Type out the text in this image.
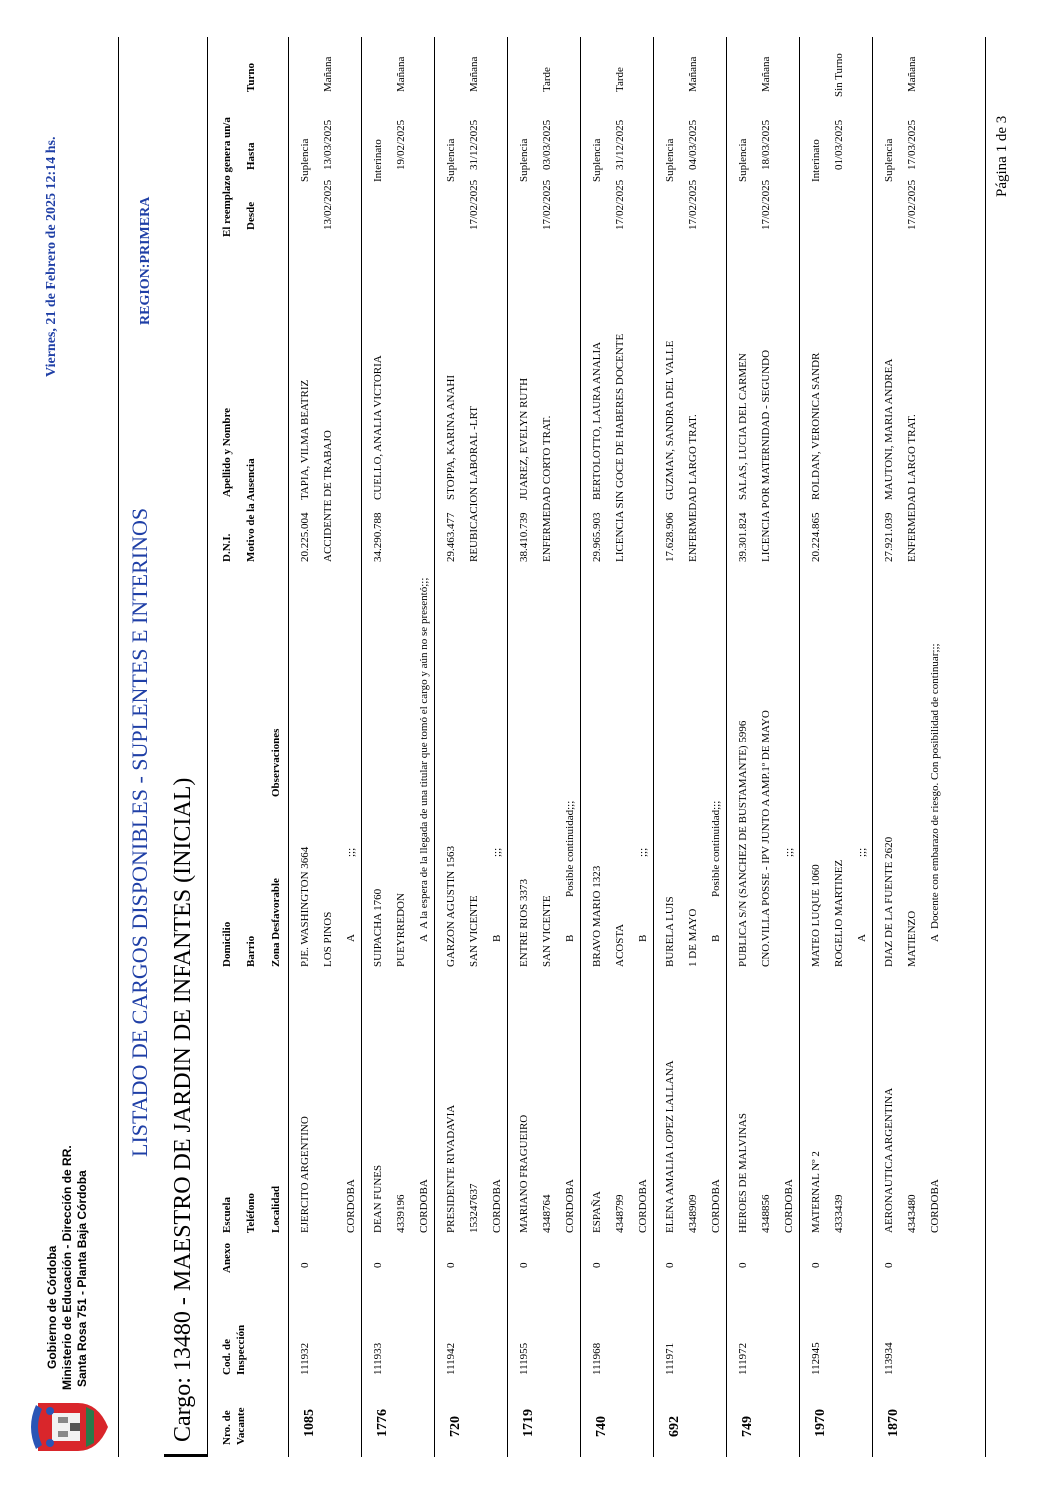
Gobierno de Córdoba Ministerio de Educación - Dirección de RR. Santa Rosa 751 - Planta Baja Córdoba
Viernes, 21 de Febrero de 2025 12:14 hs.
LISTADO DE CARGOS DISPONIBLES - SUPLENTES E INTERINOS
REGION:PRIMERA
Cargo: 13480 - MAESTRO DE JARDIN DE INFANTES (INICIAL) Nro. de Vacante
Cod. de Inspección
Anexo
Escuela Teléfono Localidad
Domicilio Barrio Zona Desfavorable
Observaciones
D.N.I.
Apellido y Nombre
Motivo de la Ausencia
El reemplazo genera un/a Desde
Hasta
Turno
1085
111932
0
EJERCITO ARGENTINO	CORDOBA
PJE. WASHINGTON 3664 LOS PINOS A
;;;
20.225.004
TAPIA, VILMA BEATRIZ ACCIDENTE DE TRABAJO
Suplencia
13/02/2025
13/03/2025
Mañana
1776
111933
0
DEAN FUNES 4339196 CORDOBA
SUIPACHA 1760 PUEYRREDON A
A la espera de la llegada de una titular que tomó el cargo y aún no se presentó;;;
34.290.788
CUELLO, ANALIA VICTORIA
Interinato 19/02/2025
Mañana
720
111942
0
PRESIDENTE RIVADAVIA 153247637 CORDOBA
GARZON AGUSTIN 1563 SAN VICENTE B
;;;
29.463.477
STOPPA, KARINA ANAHI REUBICACION LABORAL -LRT
Suplencia
17/02/2025
31/12/2025
Mañana
1719
111955
0
MARIANO FRAGUEIRO 4348764 CORDOBA
ENTRE RIOS 3373 SAN VICENTE B
Posible continuidad;;;
38.410.739
JUAREZ, EVELYN RUTH ENFERMEDAD CORTO TRAT.
Suplencia
17/02/2025
03/03/2025
Tarde
740
111968
0
ESPAÑA 4348799 CORDOBA
BRAVO MARIO 1323 ACOSTA B
;;;
29.965.903
BERTOLOTTO, LAURA ANALIA LICENCIA SIN GOCE DE HABERES DOCENTE
Suplencia
17/02/2025
31/12/2025
Tarde
692
111971
0
ELENA AMALIA LOPEZ LALLANA 4348909 CORDOBA
BURELA LUIS 1 DE MAYO B
Posible continuidad;;;
17.628.906
GUZMAN, SANDRA DEL VALLE ENFERMEDAD LARGO TRAT.
Suplencia
17/02/2025
04/03/2025
Mañana
749
111972
0
HEROES DE MALVINAS 4348856 CORDOBA
PUBLICA S/N (SANCHEZ DE BUSTAMANTE) 5996 CNO.VILLA POSSE - IPV JUNTO A AMP.1º DE MAYO ;;;
39.301.824
SALAS, LUCIA DEL CARMEN LICENCIA POR MATERNIDAD - SEGUNDO
Suplencia
17/02/2025
18/03/2025
Mañana
1970
112945
0
MATERNAL Nº 2 4333439
MATEO LUQUE 1060 ROGELIO MARTINEZ A
;;;
20.224.865
ROLDAN, VERONICA SANDR
Interinato 01/03/2025
Sin Turno
1870
113934
0
AERONAUTICA ARGENTINA 4343480 CORDOBA
DIAZ DE LA FUENTE 2620 MATIENZO A
Docente con embarazo de riesgo. Con posibilidad de continuar;;;
27.921.039
MAUTONI, MARIA ANDREA ENFERMEDAD LARGO TRAT.
Suplencia
17/02/2025
17/03/2025
Mañana
Página 1 de 3
